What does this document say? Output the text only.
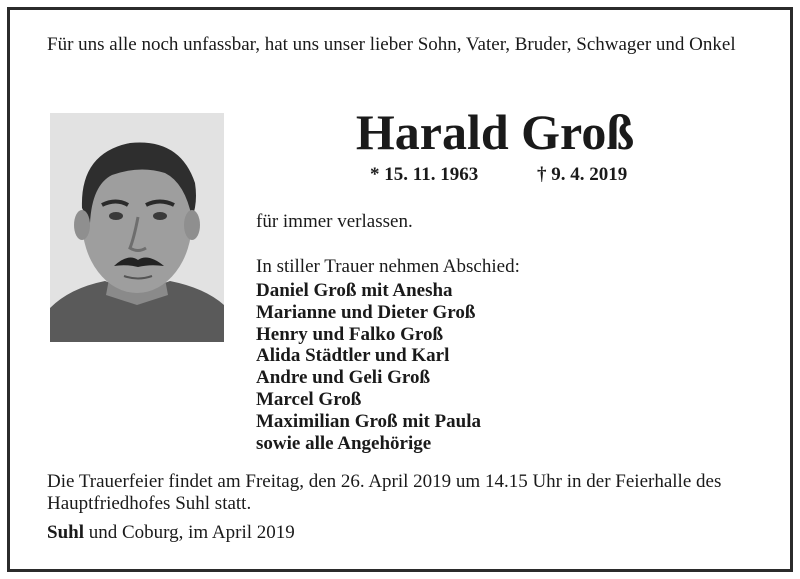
Für uns alle noch unfassbar, hat uns unser lieber Sohn, Vater, Bruder, Schwager und Onkel
Harald Groß
* 15. 11. 1963	† 9. 4. 2019
für immer verlassen.
In stiller Trauer nehmen Abschied:
Daniel Groß mit Anesha
Marianne und Dieter Groß
Henry und Falko Groß
Alida Städtler und Karl
Andre und Geli Groß
Marcel Groß
Maximilian Groß mit Paula
sowie alle Angehörige
Die Trauerfeier findet am Freitag, den 26. April 2019 um 14.15 Uhr in der Feierhalle des Hauptfriedhofes Suhl statt.
Suhl und Coburg, im April 2019
